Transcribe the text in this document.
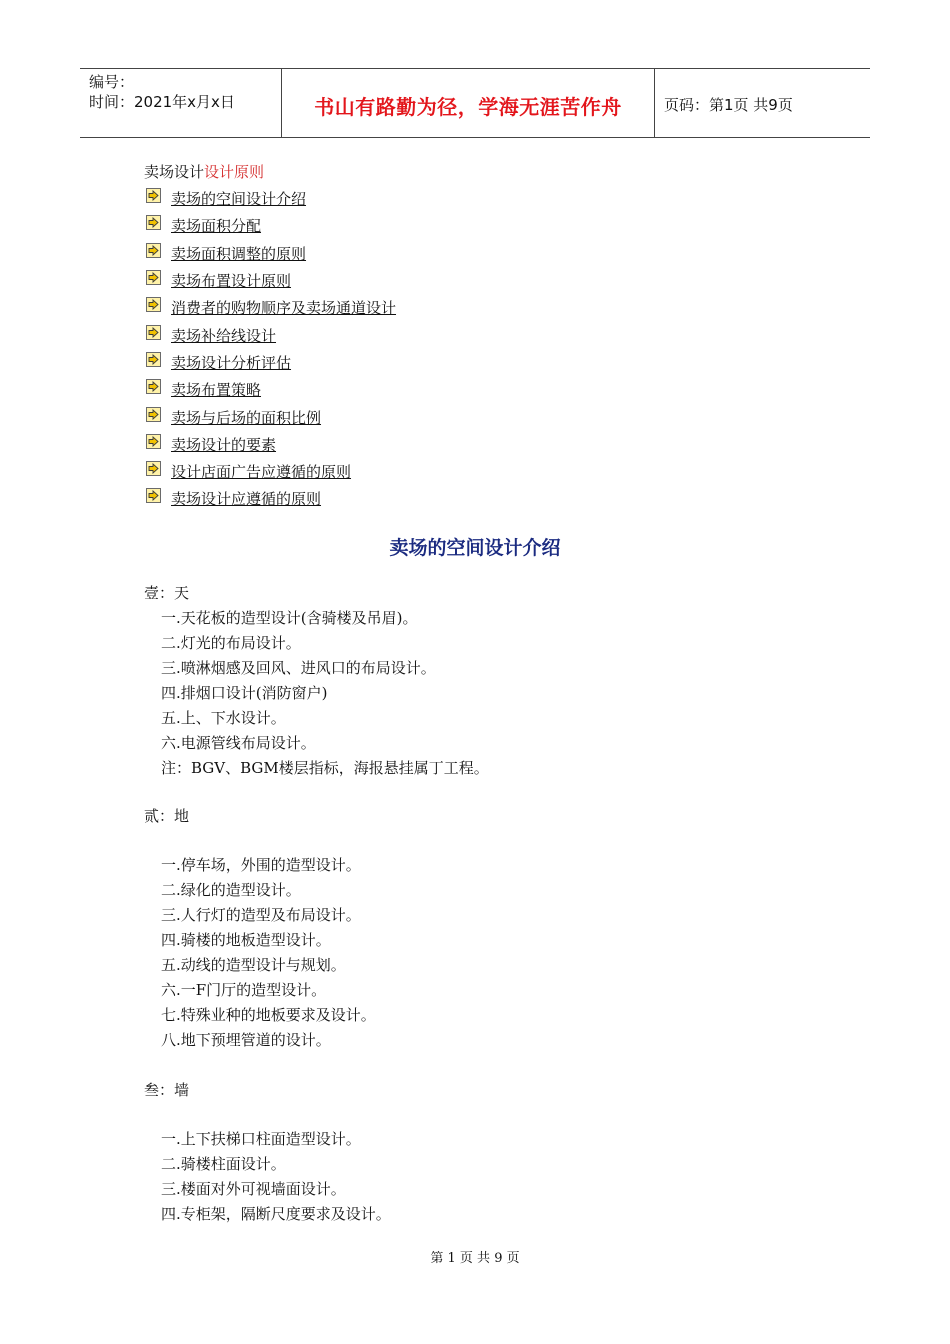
编号：
时间：2021年x月x日	书山有路勤为径，学海无涯苦作舟	页码：第1页 共9页
卖场设计设计原则
卖场的空间设计介绍
卖场面积分配
卖场面积调整的原则
卖场布置设计原则
消费者的购物顺序及卖场通道设计
卖场补给线设计
卖场设计分析评估
卖场布置策略
卖场与后场的面积比例
卖场设计的要素
设计店面广告应遵循的原则
卖场设计应遵循的原则
卖场的空间设计介绍
壹：天
一.天花板的造型设计(含骑楼及吊眉)。
二.灯光的布局设计。
三.喷淋烟感及回风、进风口的布局设计。
四.排烟口设计(消防窗户)
五.上、下水设计。
六.电源管线布局设计。
注：BGV、BGM楼层指标，海报悬挂属丁工程。
贰：地
一.停车场，外围的造型设计。
二.绿化的造型设计。
三.人行灯的造型及布局设计。
四.骑楼的地板造型设计。
五.动线的造型设计与规划。
六.一F门厅的造型设计。
七.特殊业种的地板要求及设计。
八.地下预埋管道的设计。
叁：墙
一.上下扶梯口柱面造型设计。
二.骑楼柱面设计。
三.楼面对外可视墙面设计。
四.专柜架，隔断尺度要求及设计。
第 1 页 共 9 页
